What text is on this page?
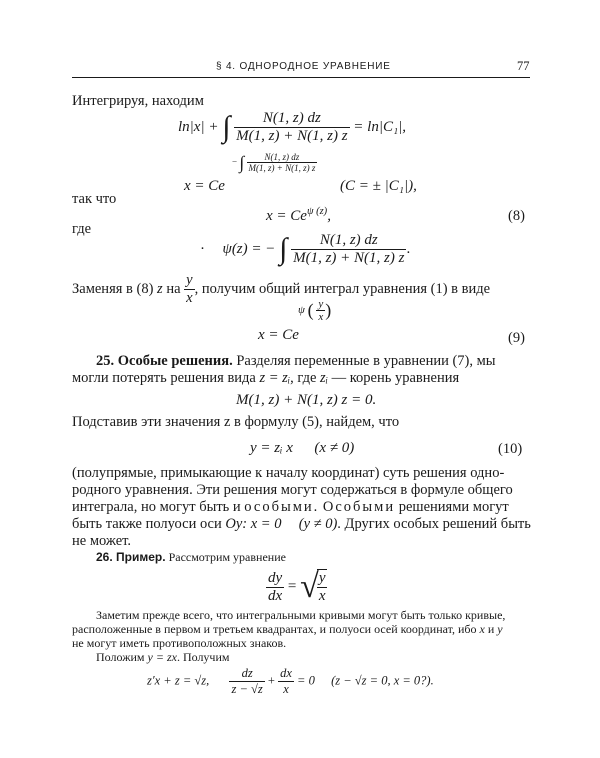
§ 4. ОДНОРОДНОЕ УРАВНЕНИЕ	77
Интегрируя, находим
ln|x| + ∫ $\frac{N(1, z) dz}{M(1, z) + N(1, z) z} = \ln|C_1|$,
x = Ce
− ∫ $\frac{N(1, z) dz}{M(1, z) + N(1, z) z}$
(C = ± |C₁|),
так что
$x = Ce^{\psi (z)}$,	(8)
где
· ψ(z) = − ∫ $\frac{N(1, z) dz}{M(1, z) + N(1, z) z}$ .
Заменяя в (8) z на $\frac{y}{x}$ , получим общий интеграл уравнения (1) в виде
x = Ce
ψ ( $\frac{y}{x}$ )
(9)
25. Особые решения. Разделяя переменные в уравнении (7), мы
могли потерять решения вида z = zᵢ, где zᵢ — корень уравнения
M(1, z) + N(1, z) z = 0.
Подставив эти значения z в формулу (5), найдем, что
y = zᵢ x (x ≠ 0)	(10)
(полупрямые, примыкающие к началу координат) суть решения одно-
родного уравнения. Эти решения могут содержаться в формуле общего
интеграла, но могут быть и особыми. Особыми решениями могут
быть также полуоси оси Oy: x = 0 (y ≠ 0). Других особых решений быть
не может.
26. Пример. Рассмотрим уравнение
$\frac{dy}{dx}$ = √
$\frac{y}{x}$
Заметим прежде всего, что интегральными кривыми могут быть только кривые,
расположенные в первом и третьем квадрантах, и полуоси осей координат, ибо x и y
не могут иметь противоположных знаков.
Положим y = zx. Получим
z′x + z = √z, $\frac{dz}{z - √z} + \frac{dx}{x} = 0$ (z − √z = 0, x = 0?).
